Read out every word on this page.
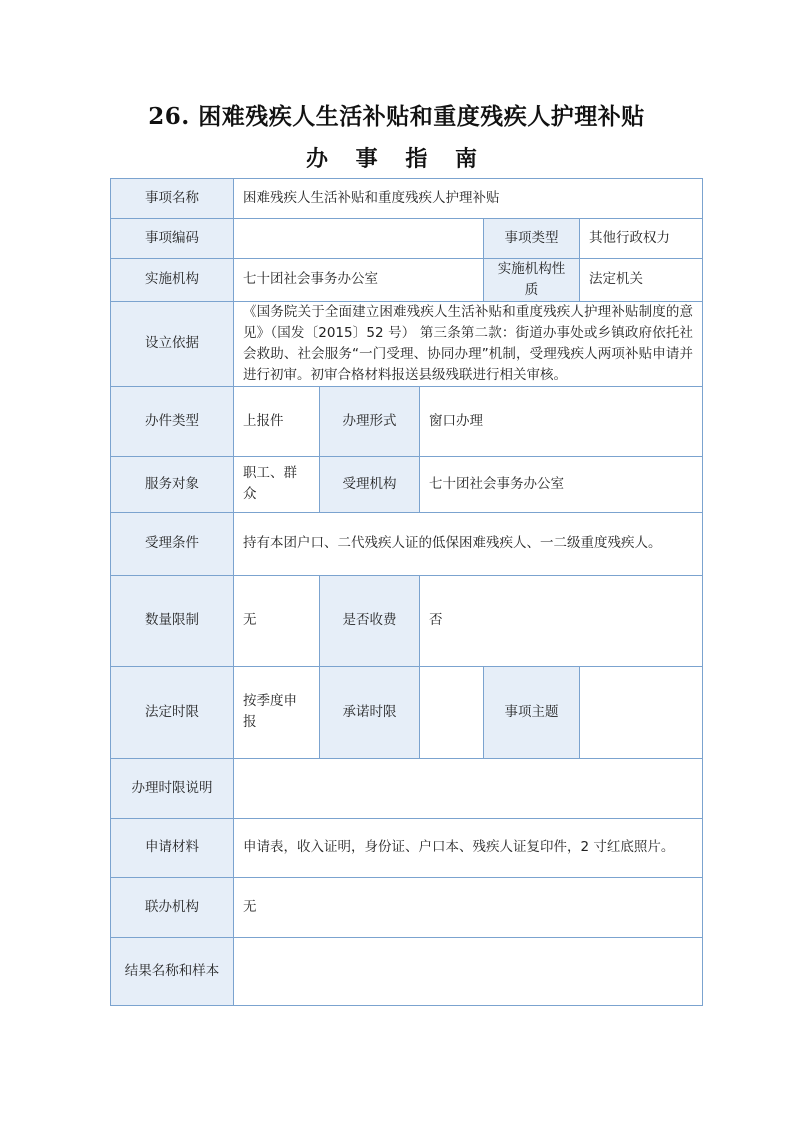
26. 困难残疾人生活补贴和重度残疾人护理补贴
办 事 指 南
事项名称	困难残疾人生活补贴和重度残疾人护理补贴				
事项编码				事项类型	其他行政权力
实施机构	七十团社会事务办公室			实施机构性质	法定机关
设立依据	《国务院关于全面建立困难残疾人生活补贴和重度残疾人护理补贴制度的意见》（国发〔2015〕52 号） 第三条第二款：街道办事处或乡镇政府依托社会救助、社会服务“一门受理、协同办理”机制，受理残疾人两项补贴申请并进行初审。初审合格材料报送县级残联进行相关审核。				
办件类型	上报件	办理形式	窗口办理		
服务对象	职工、群众	受理机构	七十团社会事务办公室		
受理条件	持有本团户口、二代残疾人证的低保困难残疾人、一二级重度残疾人。				
数量限制	无	是否收费	否		
法定时限	按季度申报	承诺时限		事项主题	
办理时限说明					
申请材料	申请表，收入证明，身份证、户口本、残疾人证复印件，2 寸红底照片。				
联办机构	无				
结果名称和样本					
